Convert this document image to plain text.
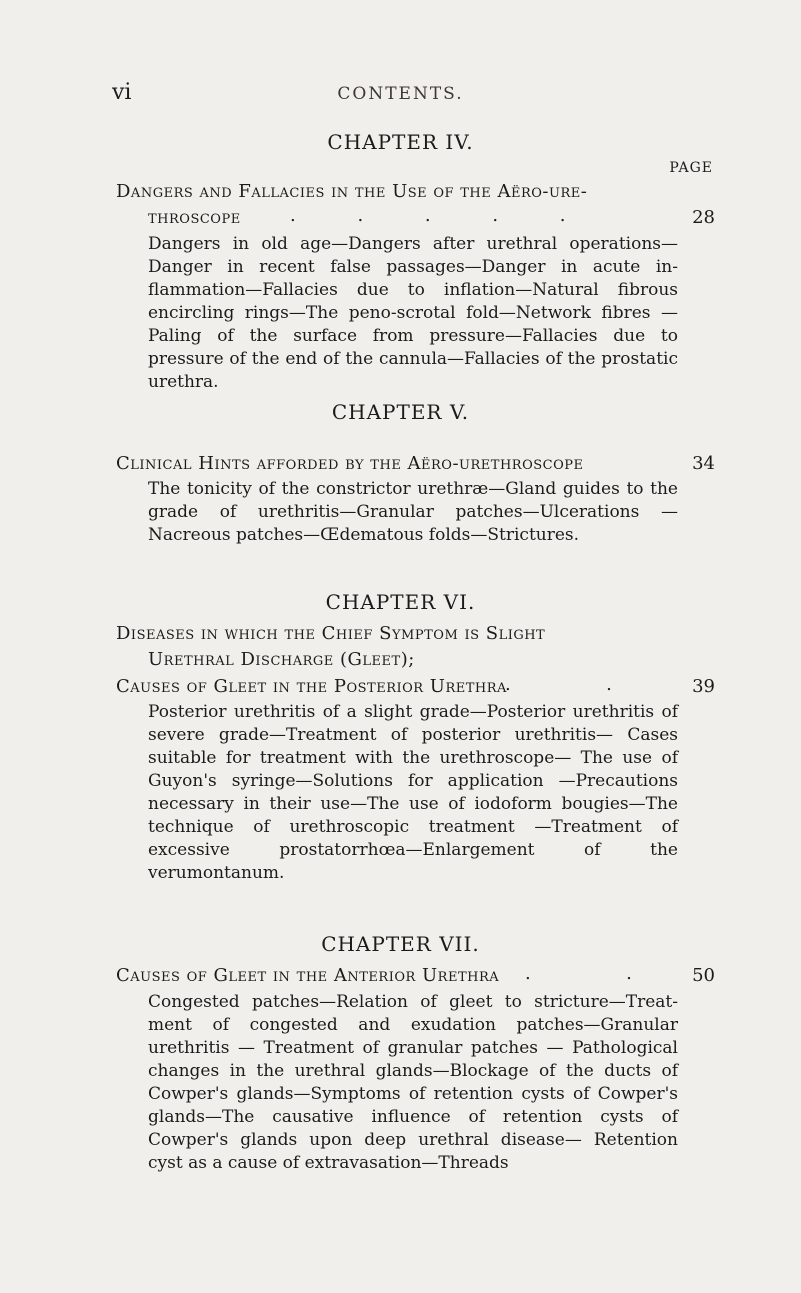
vi	CONTENTS.
CHAPTER IV.
PAGE
Dangers and Fallacies in the Use of the Aëro-ure-
throscope	. . . . .	28

Dangers in old age—Dangers after urethral operations—Danger in recent false passages—Danger in acute inflammation—Fallacies due to inflation—Natural fibrous encircling rings—The peno-scrotal fold—Network fibres —Paling of the surface from pressure—Fallacies due to pressure of the end of the cannula—Fallacies of the prostatic urethra.

CHAPTER V.
Clinical Hints afforded by the Aëro-urethroscope	34

The tonicity of the constrictor urethræ—Gland guides to the grade of urethritis—Granular patches—Ulcerations —Nacreous patches—Œdematous folds—Strictures.

CHAPTER VI.
Diseases in which the Chief Symptom is Slight
Urethral Discharge (Gleet);
Causes of Gleet in the Posterior Urethra
.  .	39

Posterior urethritis of a slight grade—Posterior urethritis of severe grade—Treatment of posterior urethritis— Cases suitable for treatment with the urethroscope— The use of Guyon's syringe—Solutions for application —Precautions necessary in their use—The use of iodoform bougies—The technique of urethroscopic treatment —Treatment of excessive prostatorrhœa—Enlargement of the verumontanum.

CHAPTER VII.
Causes of Gleet in the Anterior Urethra	.  . 50

Congested patches—Relation of gleet to stricture—Treatment of congested and exudation patches—Granular urethritis — Treatment of granular patches — Pathological changes in the urethral glands—Blockage of the ducts of Cowper's glands—Symptoms of retention cysts of Cowper's glands—The causative influence of retention cysts of Cowper's glands upon deep urethral disease— Retention cyst as a cause of extravasation—Threads
